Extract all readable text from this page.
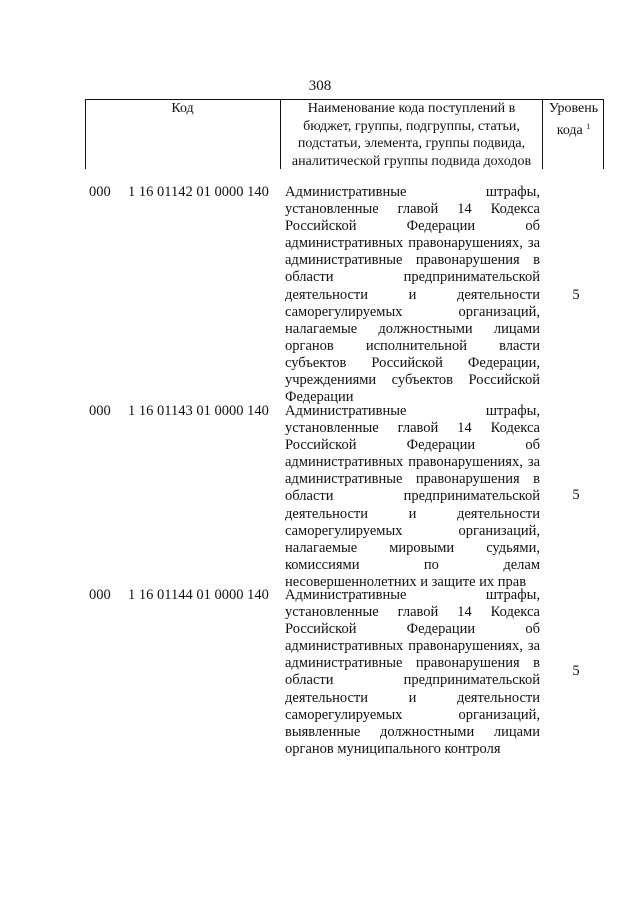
308
Код	Наименование кода поступлений в
бюджет, группы, подгруппы, статьи,
подстатьи, элемента, группы подвида,
аналитической группы подвида доходов
Уровень
кода $^1$
000 1 16 01142 01 0000 140 Административные штрафы,
установленные главой 14 Кодекса
Российской Федерации об
административных правонарушениях, за
административные правонарушения в
области предпринимательской
деятельности и деятельности
саморегулируемых организаций,
налагаемые должностными лицами
органов исполнительной власти
субъектов Российской Федерации,
учреждениями субъектов Российской
Федерации
5
000 1 16 01143 01 0000 140 Административные штрафы,
установленные главой 14 Кодекса
Российской Федерации об
административных правонарушениях, за
административные правонарушения в
области предпринимательской
деятельности и деятельности
саморегулируемых организаций,
налагаемые мировыми судьями,
комиссиями по делам
несовершеннолетних и защите их прав
5
000 1 16 01144 01 0000 140 Административные штрафы,
установленные главой 14 Кодекса
Российской Федерации об
административных правонарушениях, за
административные правонарушения в
области предпринимательской
деятельности и деятельности
саморегулируемых организаций,
выявленные должностными лицами
органов муниципального контроля
5
